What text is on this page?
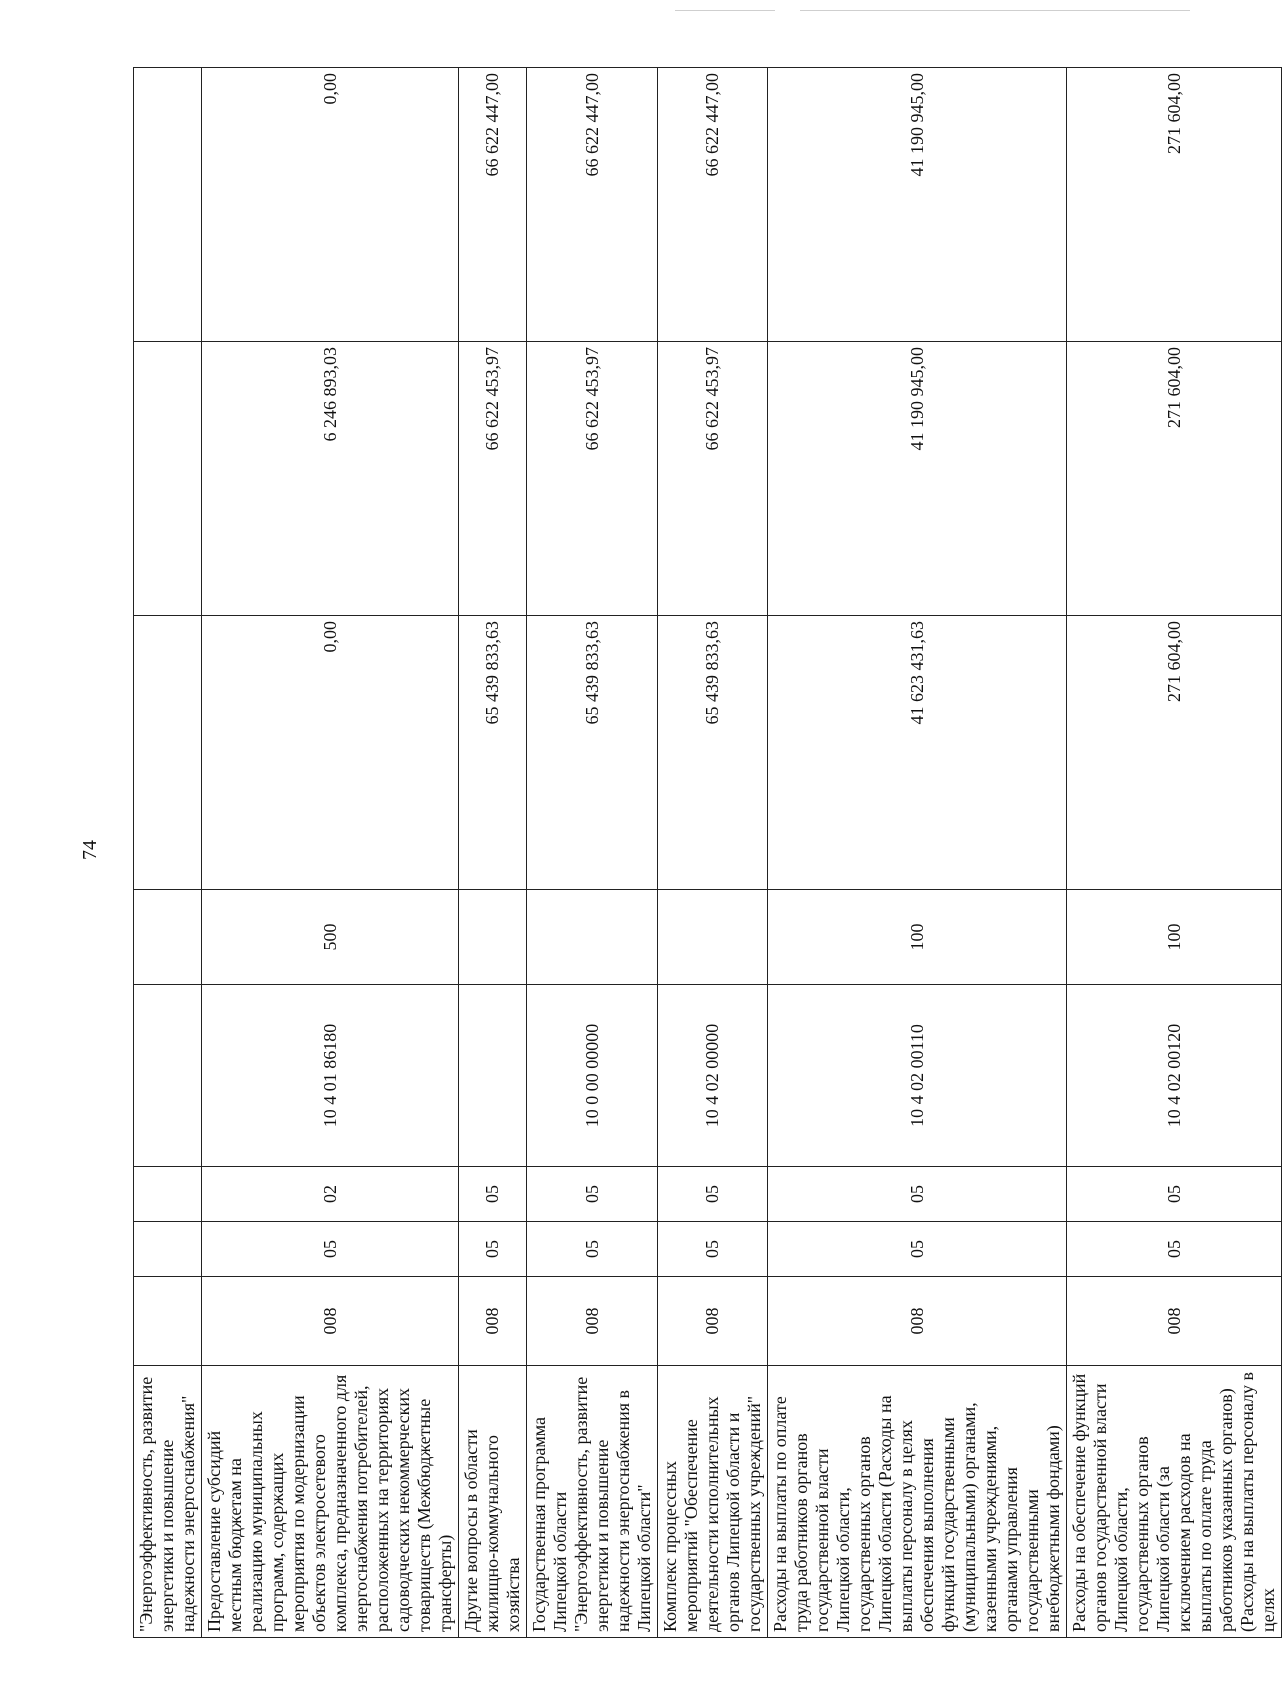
74
"Энергоэффективность, развитие энергетики и повышение надежности энергоснабжения"								
Предоставление субсидий местным бюджетам на реализацию муниципальных программ, содержащих мероприятия по модернизации объектов электросетевого комплекса, предназначенного для энергоснабжения потребителей, расположенных на территориях садоводческих некоммерческих товариществ (Межбюджетные трансферты)	008	05	02	10 4 01 86180	500	0,00	6 246 893,03	0,00
Другие вопросы в области жилищно-коммунального хозяйства	008	05	05			65 439 833,63	66 622 453,97	66 622 447,00
Государственная программа Липецкой области "Энергоэффективность, развитие энергетики и повышение надежности энергоснабжения в Липецкой области"	008	05	05	10 0 00 00000		65 439 833,63	66 622 453,97	66 622 447,00
Комплекс процессных мероприятий "Обеспечение деятельности исполнительных органов Липецкой области и государственных учреждений"	008	05	05	10 4 02 00000		65 439 833,63	66 622 453,97	66 622 447,00
Расходы на выплаты по оплате труда работников органов государственной власти Липецкой области, государственных органов Липецкой области (Расходы на выплаты персоналу в целях обеспечения выполнения функций государственными (муниципальными) органами, казенными учреждениями, органами управления государственными внебюджетными фондами)	008	05	05	10 4 02 00110	100	41 623 431,63	41 190 945,00	41 190 945,00
Расходы на обеспечение функций органов государственной власти Липецкой области, государственных органов Липецкой области (за исключением расходов на выплаты по оплате труда работников указанных органов) (Расходы на выплаты персоналу в целях	008	05	05	10 4 02 00120	100	271 604,00	271 604,00	271 604,00
